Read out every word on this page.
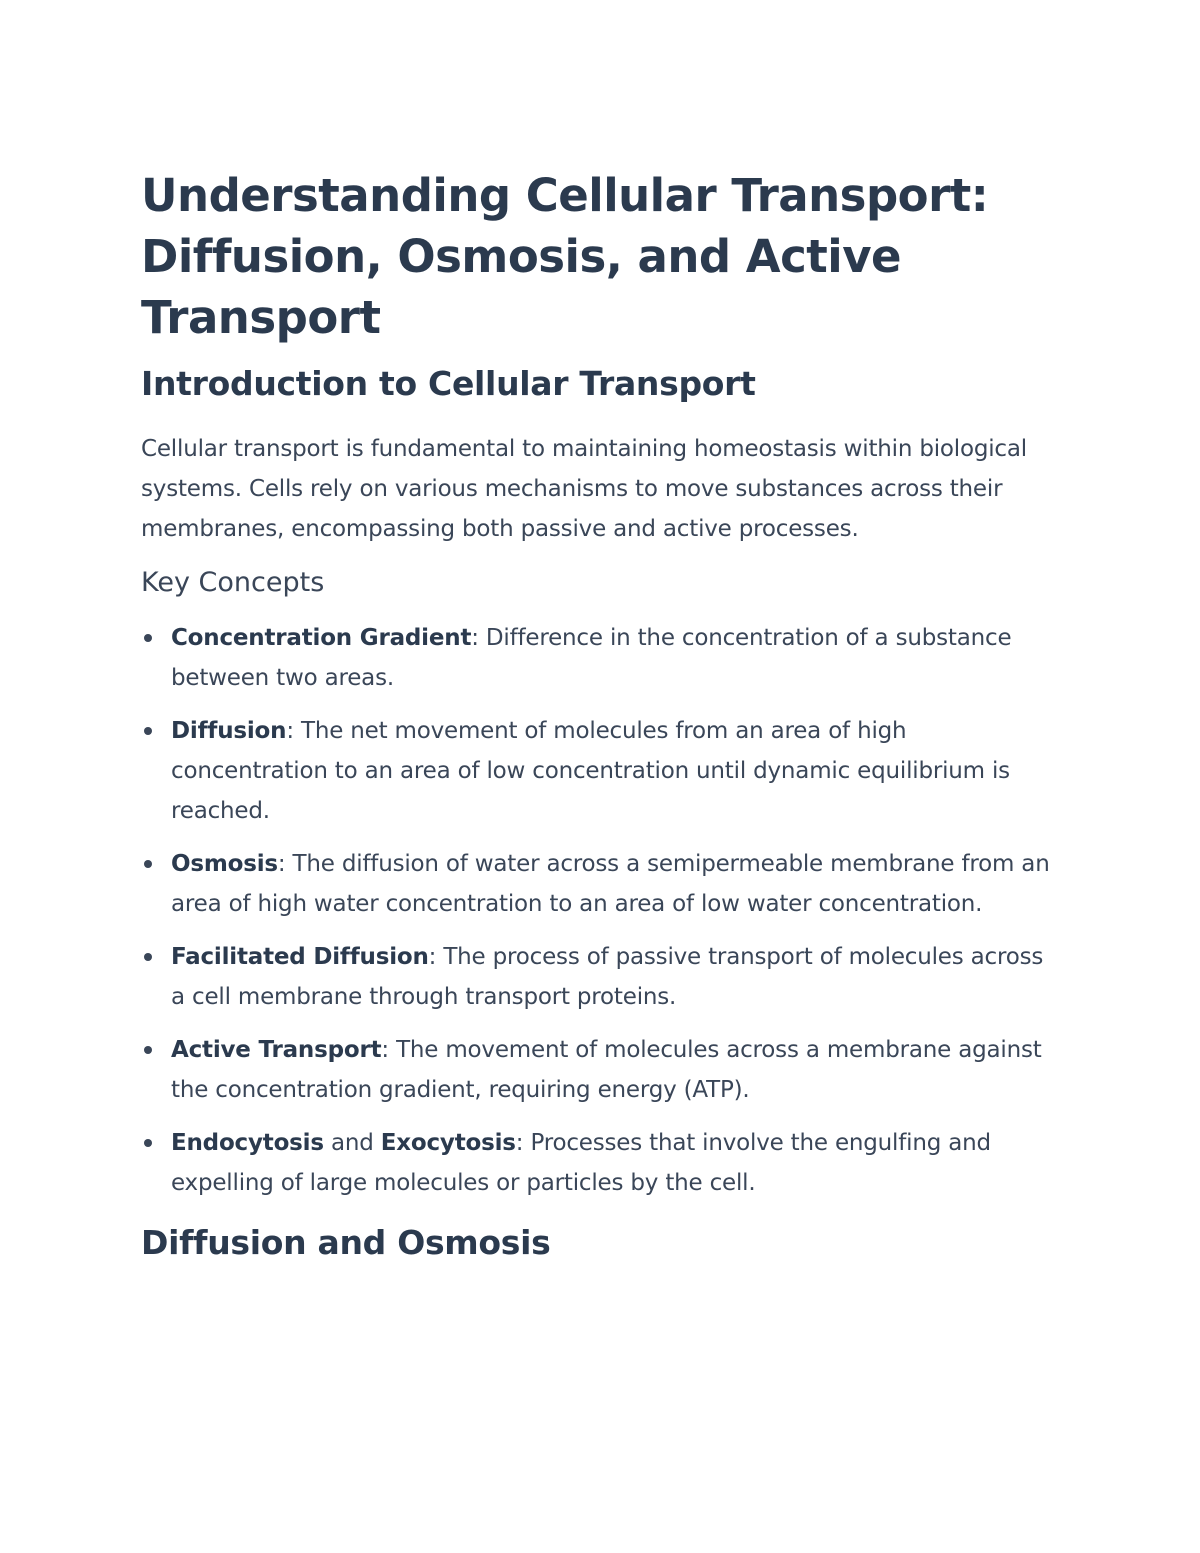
Understanding Cellular Transport: Diffusion, Osmosis, and Active Transport
Introduction to Cellular Transport

Cellular transport is fundamental to maintaining homeostasis within biological systems. Cells rely on various mechanisms to move substances across their membranes, encompassing both passive and active processes.

Key Concepts
Concentration Gradient: Difference in the concentration of a substance between two areas.
Diffusion: The net movement of molecules from an area of high concentration to an area of low concentration until dynamic equilibrium is reached.
Osmosis: The diffusion of water across a semipermeable membrane from an area of high water concentration to an area of low water concentration.
Facilitated Diffusion: The process of passive transport of molecules across a cell membrane through transport proteins.
Active Transport: The movement of molecules across a membrane against the concentration gradient, requiring energy (ATP).
Endocytosis and Exocytosis: Processes that involve the engulfing and expelling of large molecules or particles by the cell.
Diffusion and Osmosis
